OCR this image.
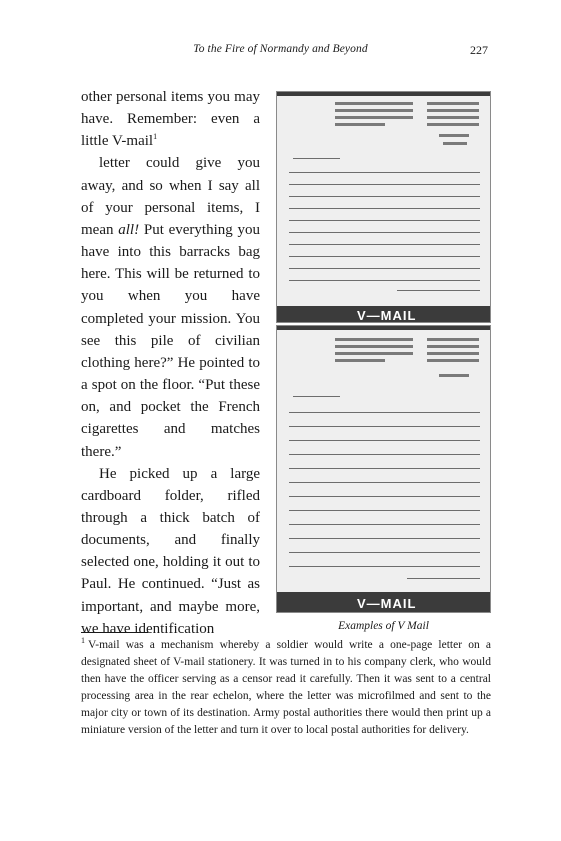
To the Fire of Normandy and Beyond	227

other personal items you may have. Remember: even a little V-mail$^1$

letter could give you away, and so when I say all of your personal items, I mean all! Put everything you have into this barracks bag here. This will be returned to you when you have completed your mission. You see this pile of civilian clothing here?” He pointed to a spot on the floor. “Put these on, and pocket the French cigarettes and matches there.”

He picked up a large cardboard folder, rifled through a thick batch of documents, and finally selected one, holding it out to Paul. He continued. “Just as important, and maybe more, we have identification

V—MAIL
V—MAIL
Examples of V Mail
$^1$ V-mail was a mechanism whereby a soldier would write a one-page letter on a designated sheet of V-mail stationery. It was turned in to his company clerk, who would then have the officer serving as a censor read it carefully. Then it was sent to a central processing area in the rear echelon, where the letter was microfilmed and sent to the major city or town of its destination. Army postal authorities there would then print up a miniature version of the letter and turn it over to local postal authorities for delivery.
